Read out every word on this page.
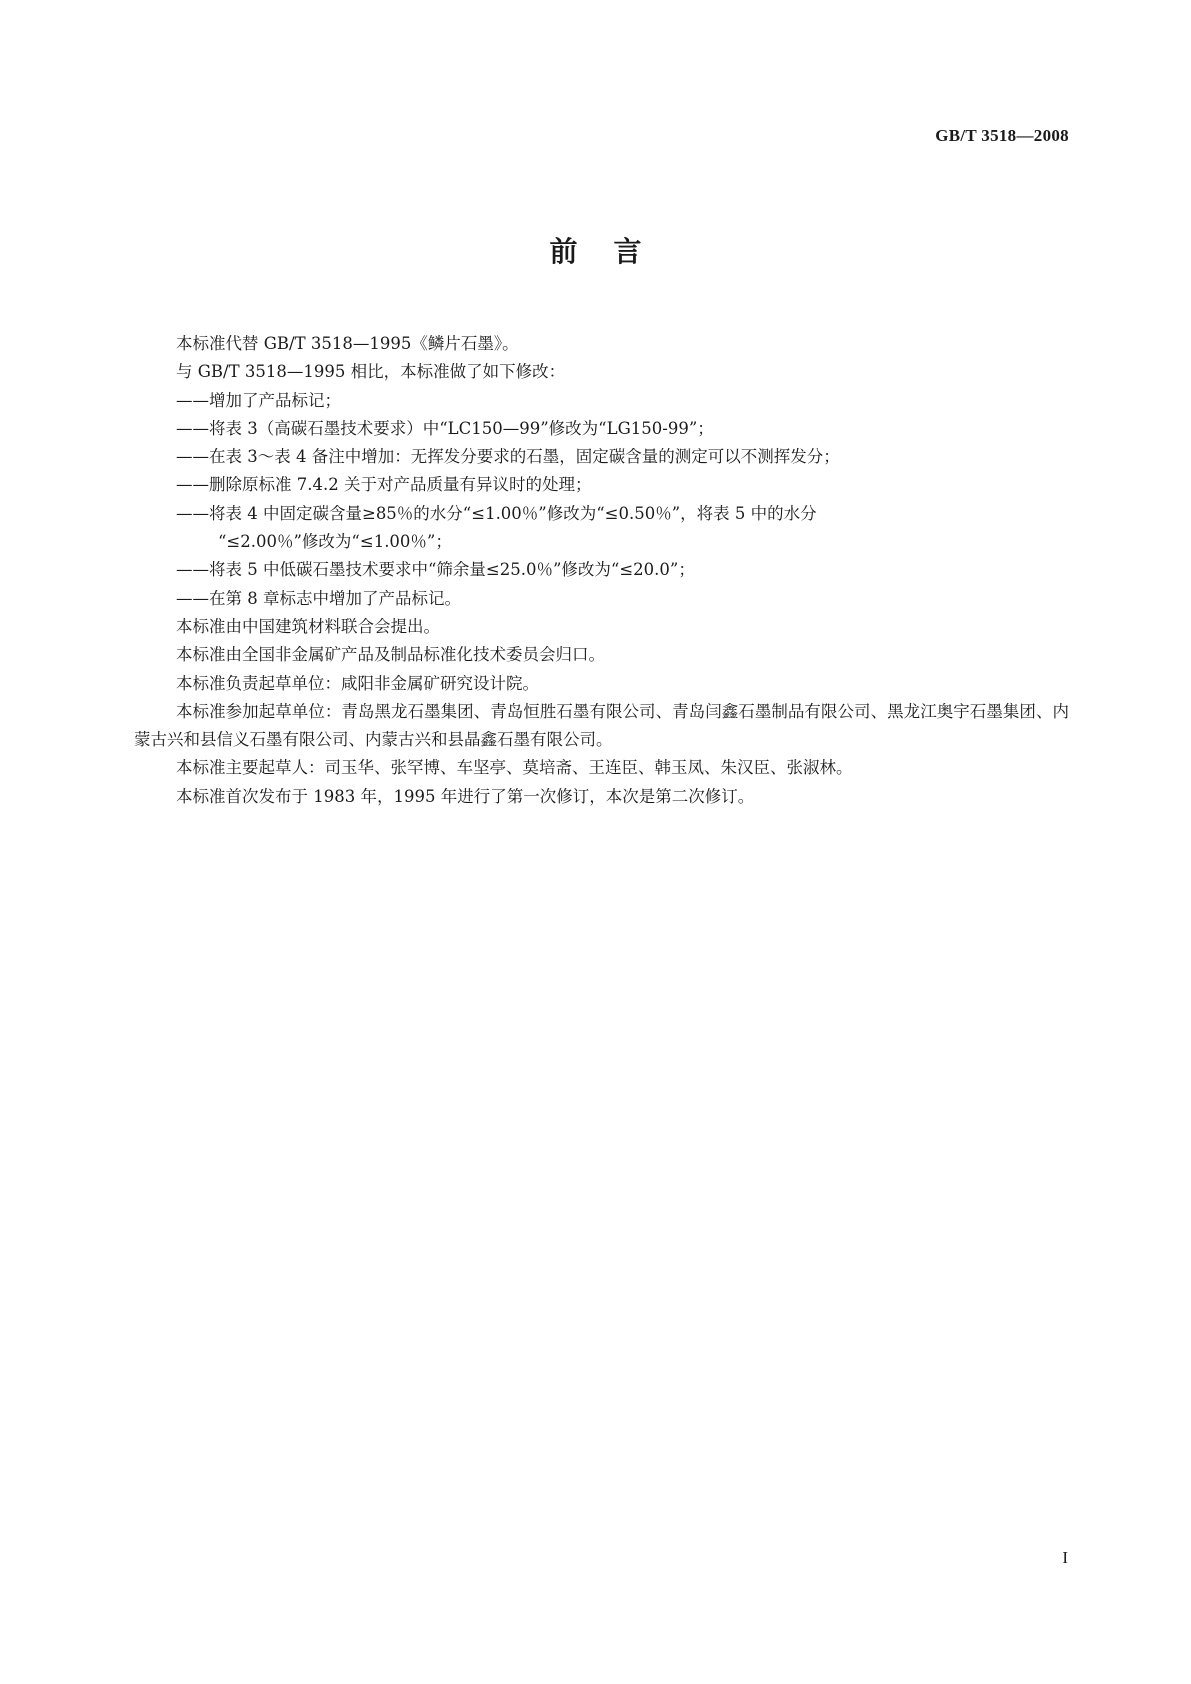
GB/T 3518—2008
前言

本标准代替 GB/T 3518—1995《鳞片石墨》。

与 GB/T 3518—1995 相比，本标准做了如下修改：

——增加了产品标记；

——将表 3（高碳石墨技术要求）中“LC150—99”修改为“LG150-99”；

——在表 3～表 4 备注中增加：无挥发分要求的石墨，固定碳含量的测定可以不测挥发分；

——删除原标准 7.4.2 关于对产品质量有异议时的处理；

——将表 4 中固定碳含量≥85％的水分“≤1.00％”修改为“≤0.50％”，将表 5 中的水分
“≤2.00％”修改为“≤1.00％”；

——将表 5 中低碳石墨技术要求中“筛余量≤25.0％”修改为“≤20.0”；

——在第 8 章标志中增加了产品标记。

本标准由中国建筑材料联合会提出。

本标准由全国非金属矿产品及制品标准化技术委员会归口。

本标准负责起草单位：咸阳非金属矿研究设计院。

本标准参加起草单位：青岛黑龙石墨集团、青岛恒胜石墨有限公司、青岛闫鑫石墨制品有限公司、黑龙江奥宇石墨集团、内蒙古兴和县信义石墨有限公司、内蒙古兴和县晶鑫石墨有限公司。

本标准主要起草人：司玉华、张罕博、车坚亭、莫培斋、王连臣、韩玉凤、朱汉臣、张淑林。

本标准首次发布于 1983 年，1995 年进行了第一次修订，本次是第二次修订。

I
